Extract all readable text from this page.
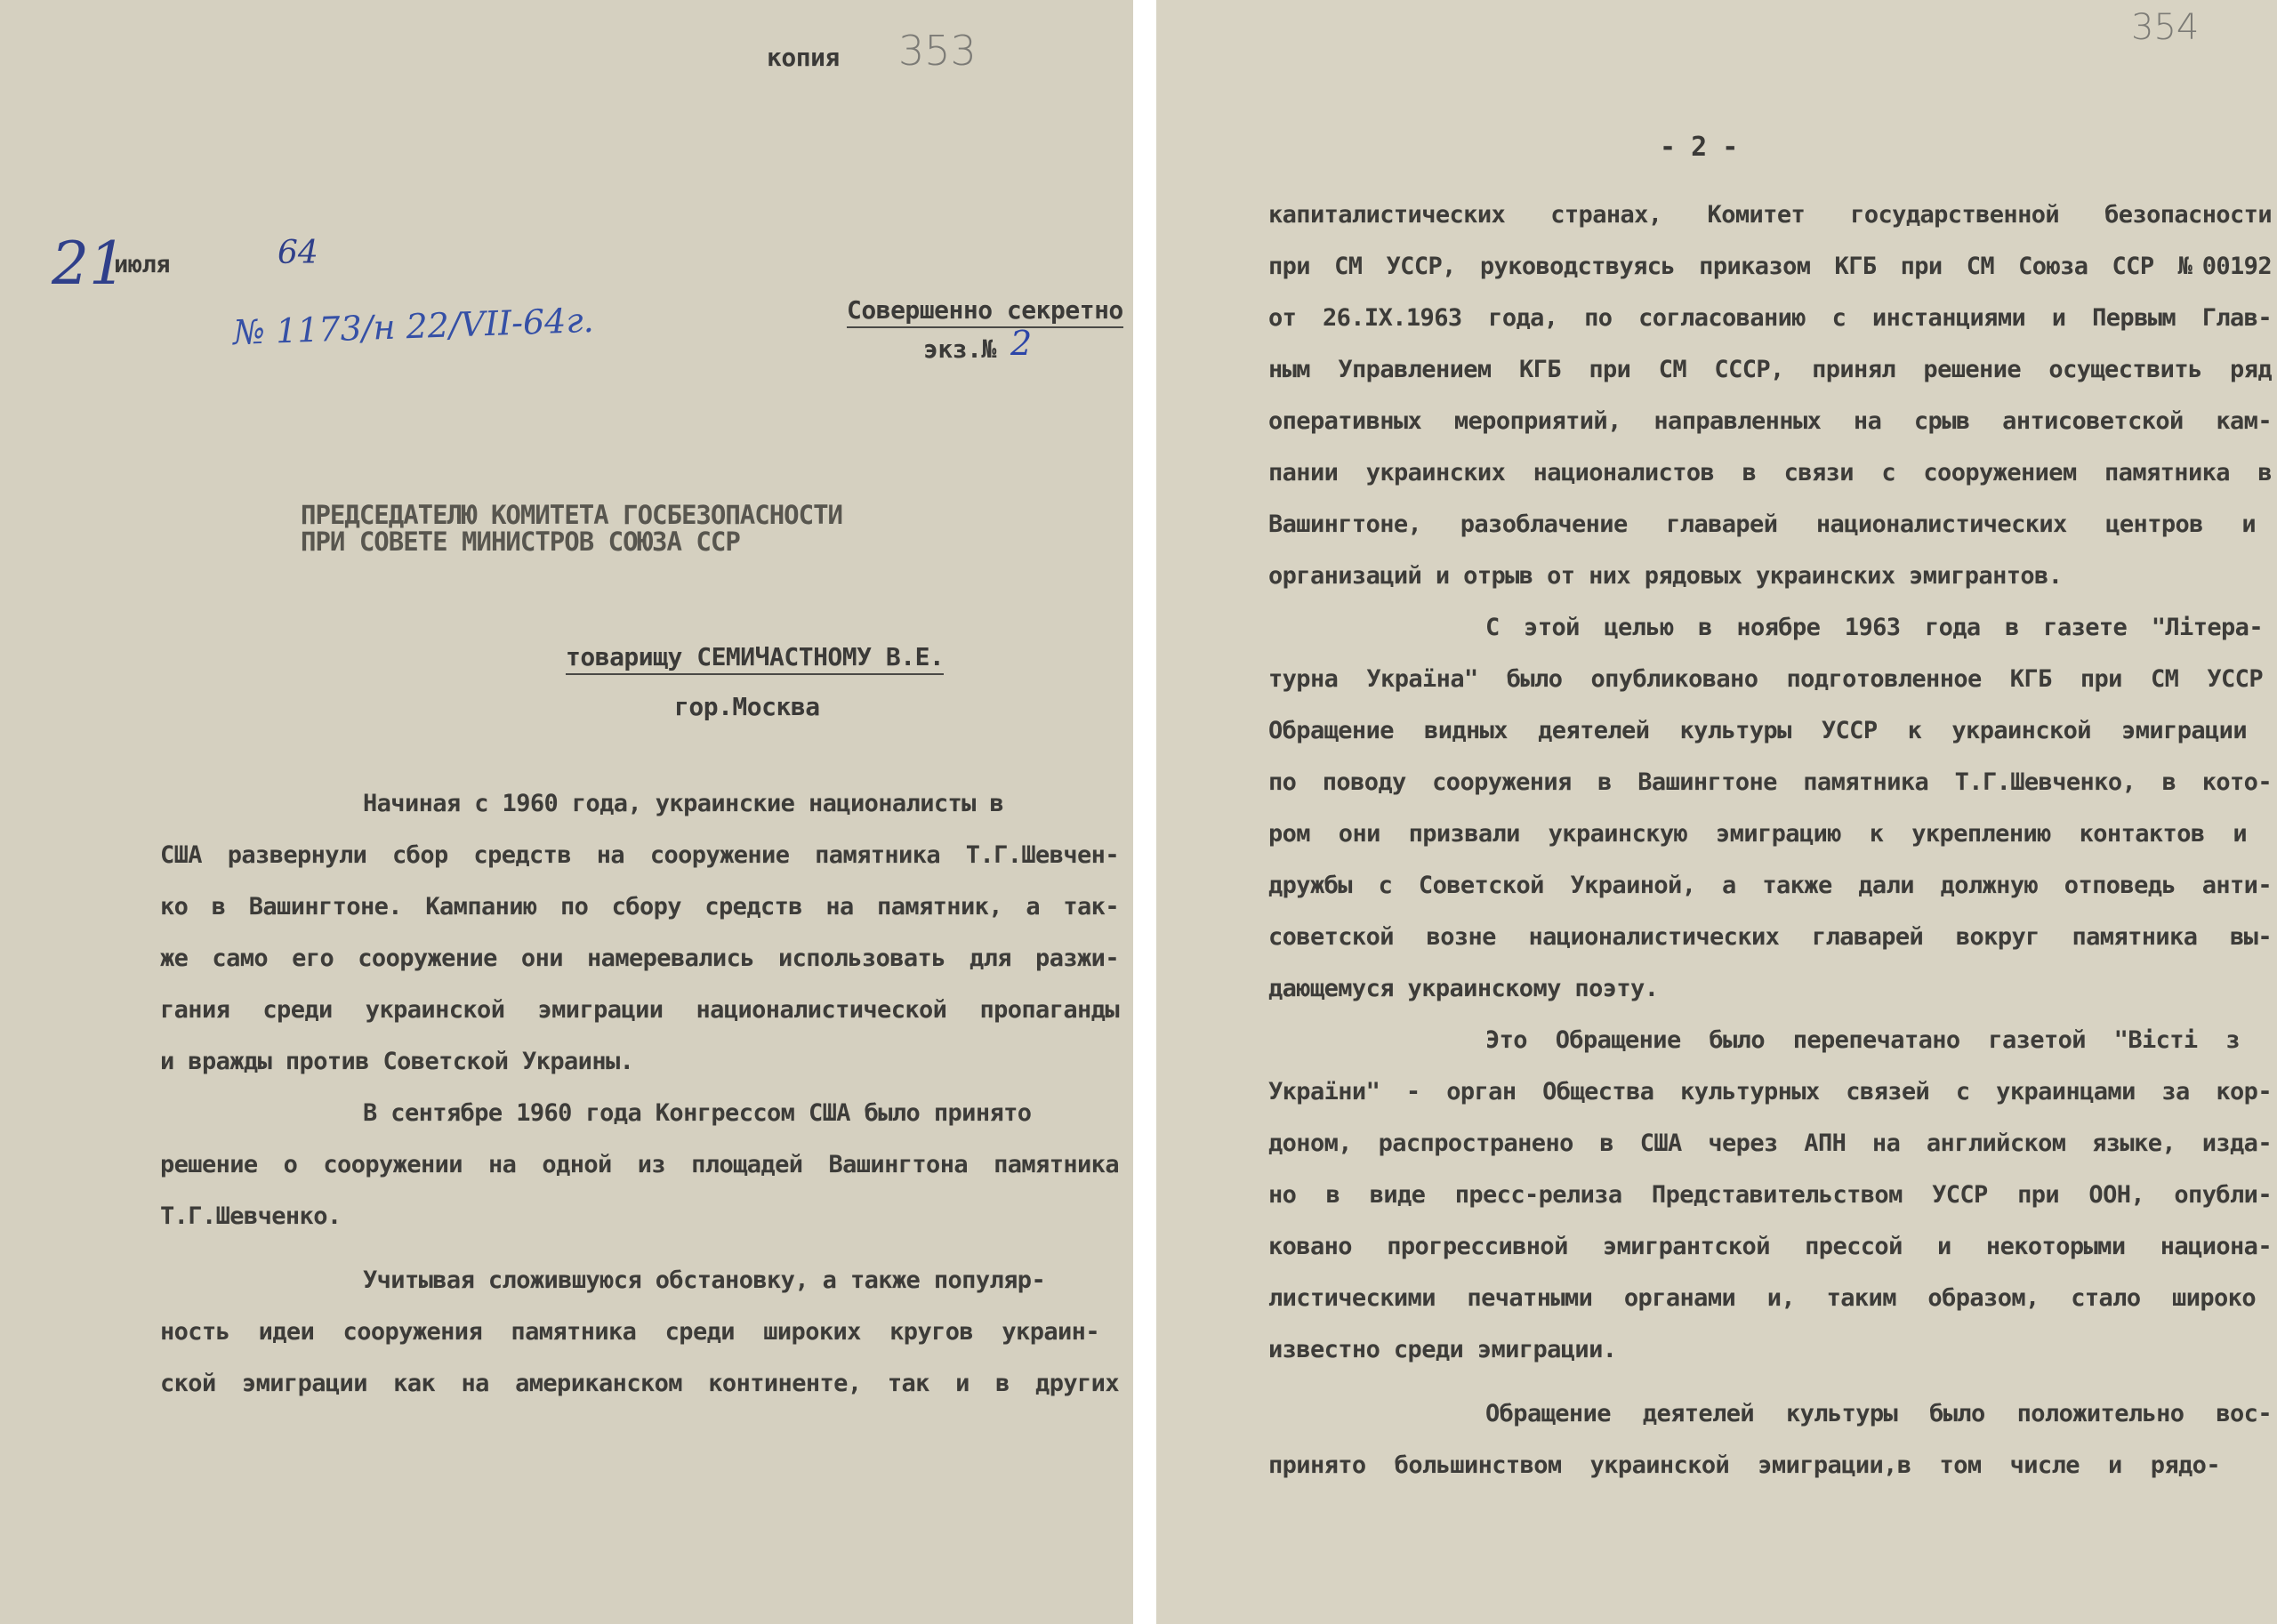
копия 353
21
июля	64
№ 1173/н 22/VII-64г.	Совершенно секретно
экз.№ 2
ПРЕДСЕДАТЕЛЮ КОМИТЕТА ГОСБЕЗОПАСНОСТИ
ПРИ СОВЕТЕ МИНИСТРОВ СОЮЗА ССР
товарищу СЕМИЧАСТНОМУ В.Е.
гор.Москва
Начиная с 1960 года, украинские националисты в
США развернули сбор средств на сооружение памятника Т.Г.Шевчен-
ко в Вашингтоне. Кампанию по сбору средств на памятник, а так-
же само его сооружение они намеревались использовать для разжи-
гания среди украинской эмиграции националистической пропаганды
и вражды против Советской Украины.
В сентябре 1960 года Конгрессом США было принято
решение о сооружении на одной из площадей Вашингтона памятника
Т.Г.Шевченко.
Учитывая сложившуюся обстановку, а также популяр-
ность идеи сооружения памятника среди широких кругов украин-
ской эмиграции как на американском континенте, так и в других
354
- 2 -
капиталистических странах, Комитет государственной безопасности
при СМ УССР, руководствуясь приказом КГБ при СМ Союза ССР №00192
от 26.IX.1963 года, по согласованию с инстанциями и Первым Глав-
ным Управлением КГБ при СМ СССР, принял решение осуществить ряд
оперативных мероприятий, направленных на срыв антисоветской кам-
пании украинских националистов в связи с сооружением памятника в
Вашингтоне, разоблачение главарей националистических центров и
организаций и отрыв от них рядовых украинских эмигрантов.
С этой целью в ноябре 1963 года в газете "Літера-
турна Україна" было опубликовано подготовленное КГБ при СМ УССР
Обращение видных деятелей культуры УССР к украинской эмиграции
по поводу сооружения в Вашингтоне памятника Т.Г.Шевченко, в кото-
ром они призвали украинскую эмиграцию к укреплению контактов и
дружбы с Советской Украиной, а также дали должную отповедь анти-
советской возне националистических главарей вокруг памятника вы-
дающемуся украинскому поэту.
Это Обращение было перепечатано газетой "Вісті з
України" - орган Общества культурных связей с украинцами за кор-
доном, распространено в США через АПН на английском языке, изда-
но в виде пресс-релиза Представительством УССР при ООН, опубли-
ковано прогрессивной эмигрантской прессой и некоторыми национа-
листическими печатными органами и, таким образом, стало широко
известно среди эмиграции.
Обращение деятелей культуры было положительно вос-
принято большинством украинской эмиграции,в том числе и рядо-
